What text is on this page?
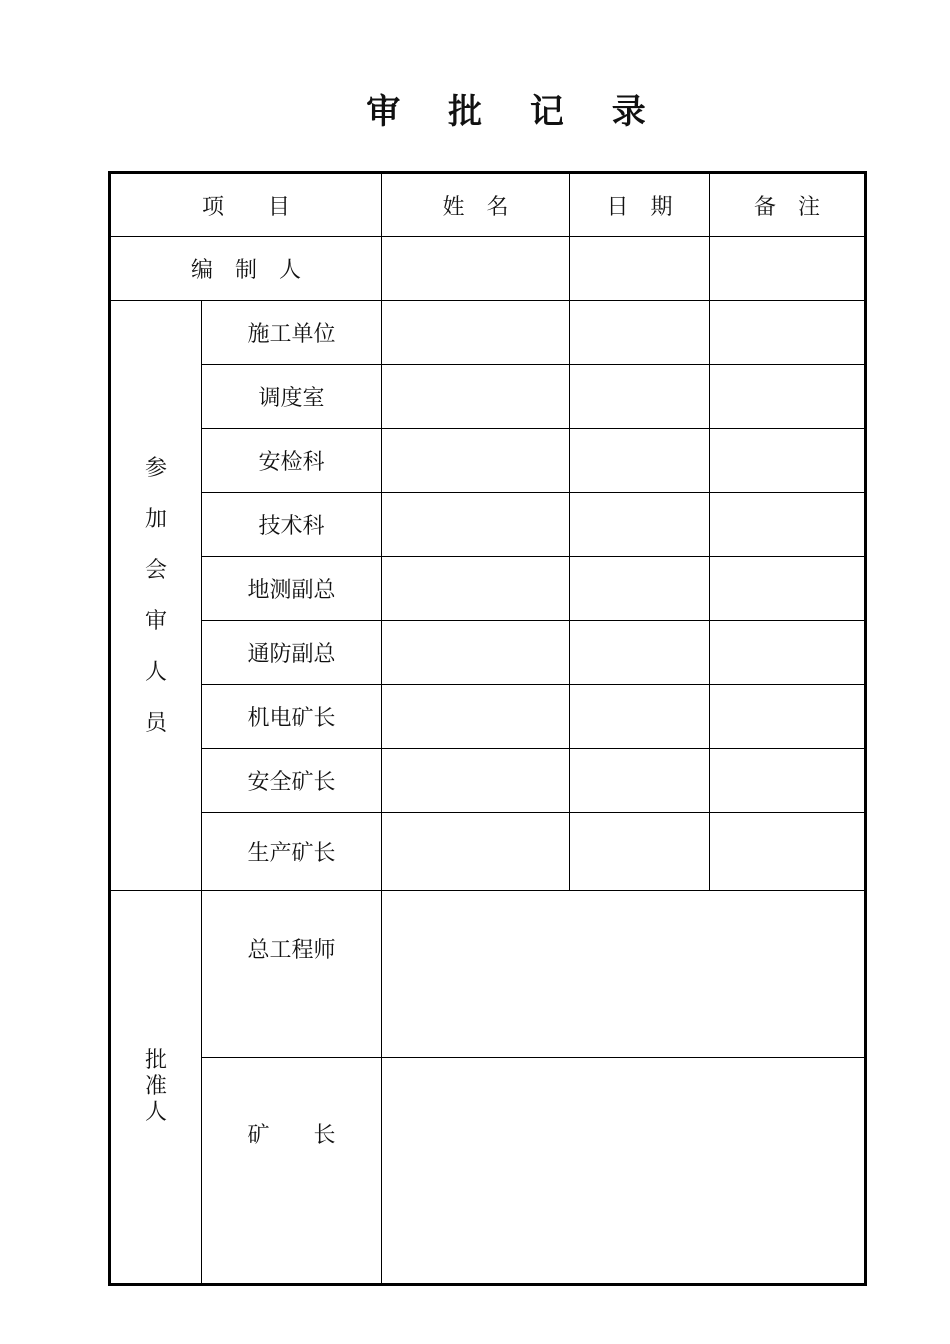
审 批 记 录
项　　目		姓　名	日　期	备　注
编　制　人				

参加会审人员	施工单位			
	调度室			
	安检科			
	技术科			
	地测副总			
	通防副总			
	机电矿长			
	安全矿长			
	生产矿长			

批准人	总工程师			
	矿　　长			
